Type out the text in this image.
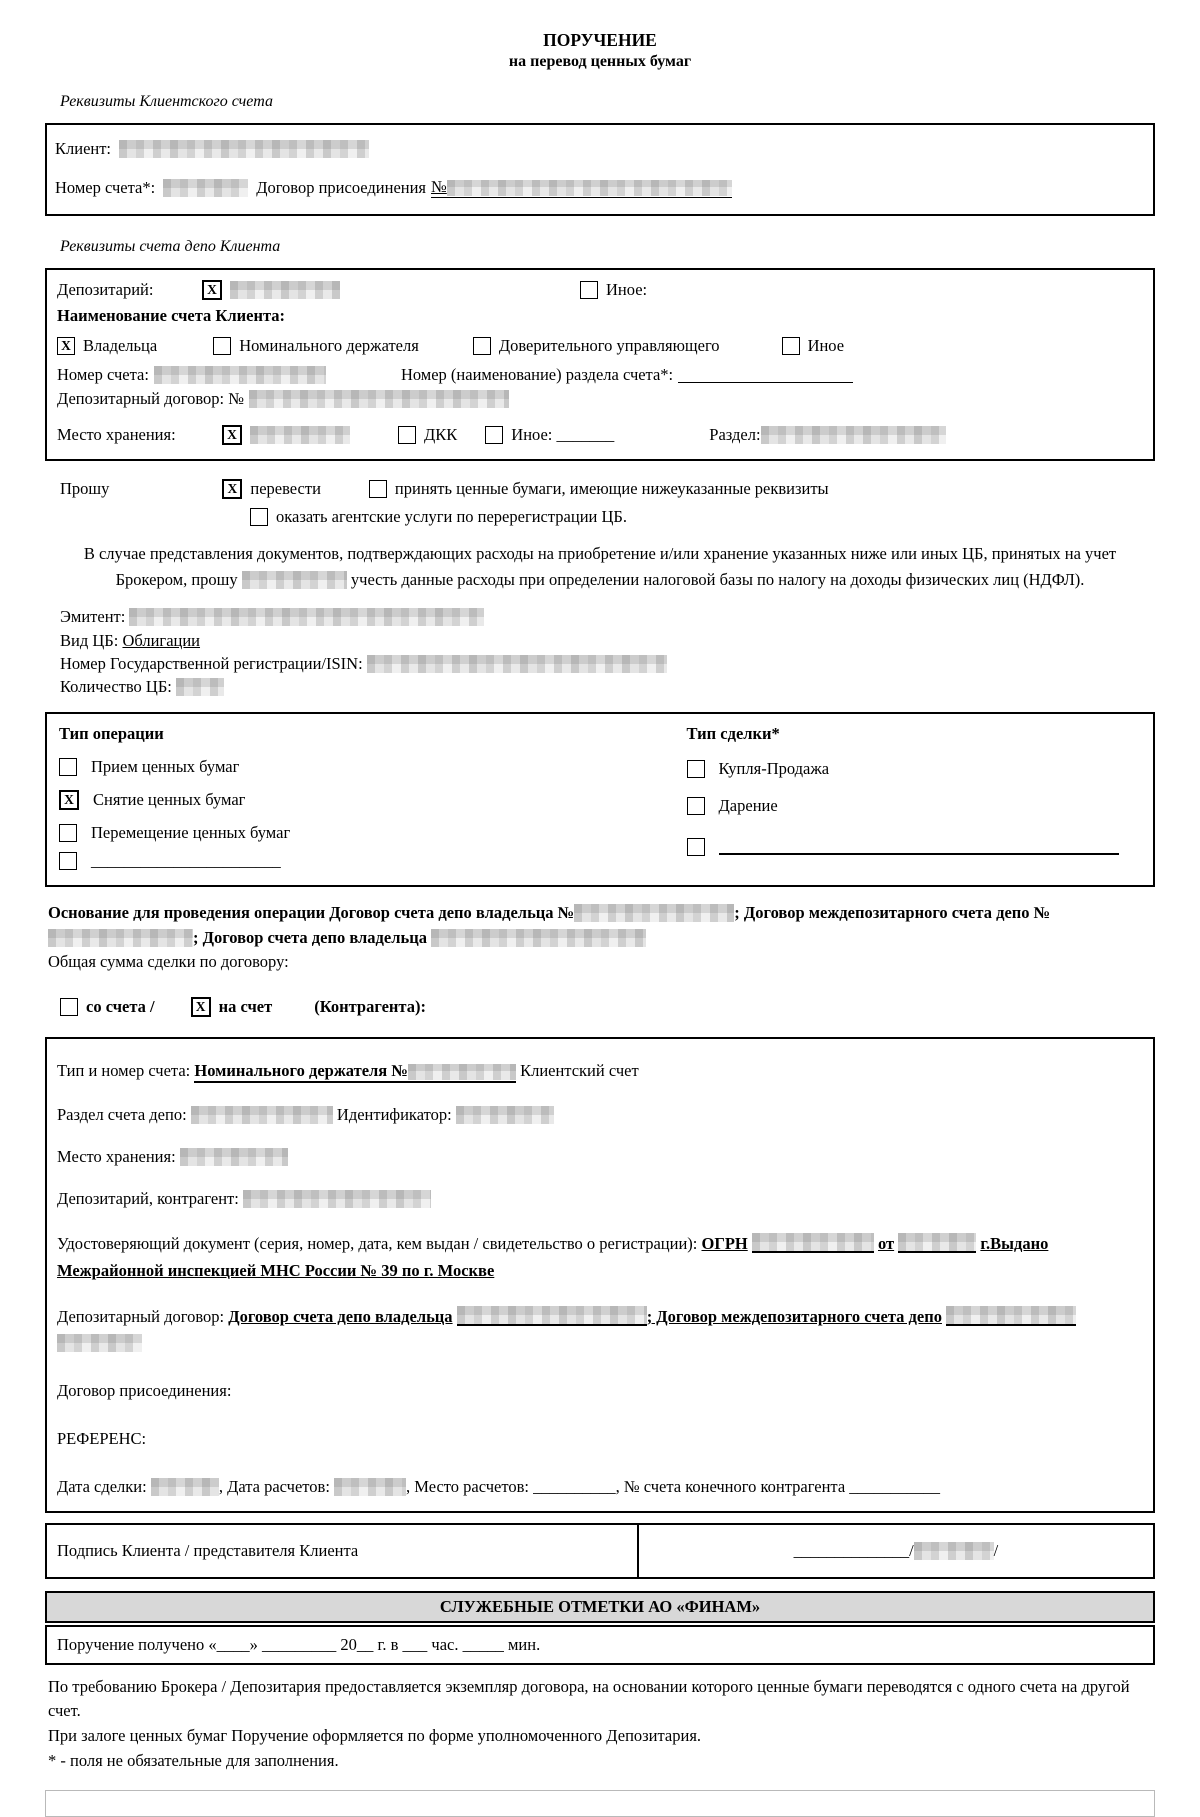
ПОРУЧЕНИЕ
на перевод ценных бумаг
Реквизиты Клиентского счета
Клиент:
Номер счета*:	Договор присоединения №
Реквизиты счета депо Клиента
Депозитарий:	X	Иное:
Наименование счета Клиента:
X Владельца	Номинального держателя	Доверительного управляющего	Иное
Номер счета:	Номер (наименование) раздела счета*:
Депозитарный договор: №
Место хранения:	X	ДКК	Иное: _______	Раздел:
Прошу	X перевести	принять ценные бумаги, имеющие нижеуказанные реквизиты
оказать агентские услуги по перерегистрации ЦБ.
В случае представления документов, подтверждающих расходы на приобретение и/или хранение указанных ниже или иных ЦБ, принятых на учет
Брокером, прошу	учесть данные расходы при определении налоговой базы по налогу на доходы физических лиц (НДФЛ).

Эмитент:

Вид ЦБ: Облигации

Номер Государственной регистрации/ISIN:

Количество ЦБ:

Тип операции
Прием ценных бумаг
X	Снятие ценных бумаг
Перемещение ценных бумаг
_______________________
Тип сделки*
Купля-Продажа
Дарение
Основание для проведения операции Договор счета депо владельца №	; Договор междепозитарного счета депо № ; Договор счета депо владельца
Общая сумма сделки по договору:
со счета /	X на счет	(Контрагента):

Тип и номер счета: Номинального держателя №	Клиентский счет

Раздел счета депо:	Идентификатор:

Место хранения:

Депозитарий, контрагент:

Удостоверяющий документ (серия, номер, дата, кем выдан / свидетельство о регистрации): ОГРН	от	г.Выдано Межрайонной инспекцией МНС России № 39 по г. Москве

Депозитарный договор: Договор счета депо владельца	; Договор междепозитарного счета депо

Договор присоединения:

РЕФЕРЕНС:

Дата сделки:	, Дата расчетов:	, Место расчетов: __________, № счета конечного контрагента ___________

Подпись Клиента / представителя Клиента	______________/	/
СЛУЖЕБНЫЕ ОТМЕТКИ АО «ФИНАМ»
Поручение получено «____» _________ 20__ г. в ___ час. _____ мин.
По требованию Брокера / Депозитария предоставляется экземпляр договора, на основании которого ценные бумаги переводятся с одного счета на другой счет.
При залоге ценных бумаг Поручение оформляется по форме уполномоченного Депозитария.
* - поля не обязательные для заполнения.
